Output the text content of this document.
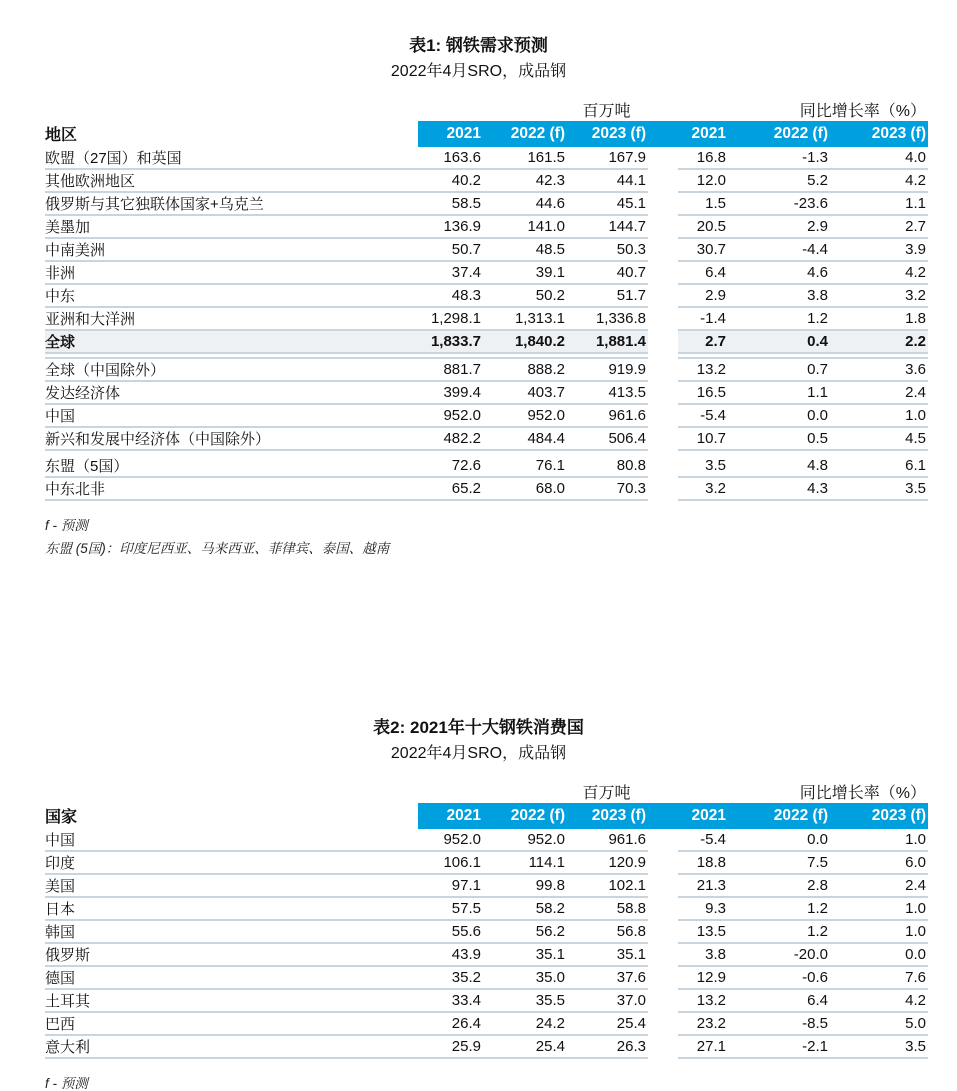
表1: 钢铁需求预测
2022年4月SRO，成品钢
			百万吨		同比增长率（%）		
地区	2021	2022 (f)	2023 (f)		2021	2022 (f)	2023 (f)
欧盟（27国）和英国	163.6	161.5	167.9		16.8	-1.3	4.0
其他欧洲地区	40.2	42.3	44.1		12.0	5.2	4.2
俄罗斯与其它独联体国家+乌克兰	58.5	44.6	45.1		1.5	-23.6	1.1
美墨加	136.9	141.0	144.7		20.5	2.9	2.7
中南美洲	50.7	48.5	50.3		30.7	-4.4	3.9
非洲	37.4	39.1	40.7		6.4	4.6	4.2
中东	48.3	50.2	51.7		2.9	3.8	3.2
亚洲和大洋洲	1,298.1	1,313.1	1,336.8		-1.4	1.2	1.8
全球	1,833.7	1,840.2	1,881.4		2.7	0.4	2.2

全球（中国除外）	881.7	888.2	919.9		13.2	0.7	3.6
发达经济体	399.4	403.7	413.5		16.5	1.1	2.4
中国	952.0	952.0	961.6		-5.4	0.0	1.0
新兴和发展中经济体（中国除外）	482.2	484.4	506.4		10.7	0.5	4.5

东盟（5国）	72.6	76.1	80.8		3.5	4.8	6.1
中东北非	65.2	68.0	70.3		3.2	4.3	3.5
f - 预测
东盟 (5国)：印度尼西亚、马来西亚、菲律宾、泰国、越南
表2: 2021年十大钢铁消费国
2022年4月SRO，成品钢
			百万吨		同比增长率（%）		
国家	2021	2022 (f)	2023 (f)		2021	2022 (f)	2023 (f)
中国	952.0	952.0	961.6		-5.4	0.0	1.0
印度	106.1	114.1	120.9		18.8	7.5	6.0
美国	97.1	99.8	102.1		21.3	2.8	2.4
日本	57.5	58.2	58.8		9.3	1.2	1.0
韩国	55.6	56.2	56.8		13.5	1.2	1.0
俄罗斯	43.9	35.1	35.1		3.8	-20.0	0.0
德国	35.2	35.0	37.6		12.9	-0.6	7.6
土耳其	33.4	35.5	37.0		13.2	6.4	4.2
巴西	26.4	24.2	25.4		23.2	-8.5	5.0
意大利	25.9	25.4	26.3		27.1	-2.1	3.5
f - 预测
